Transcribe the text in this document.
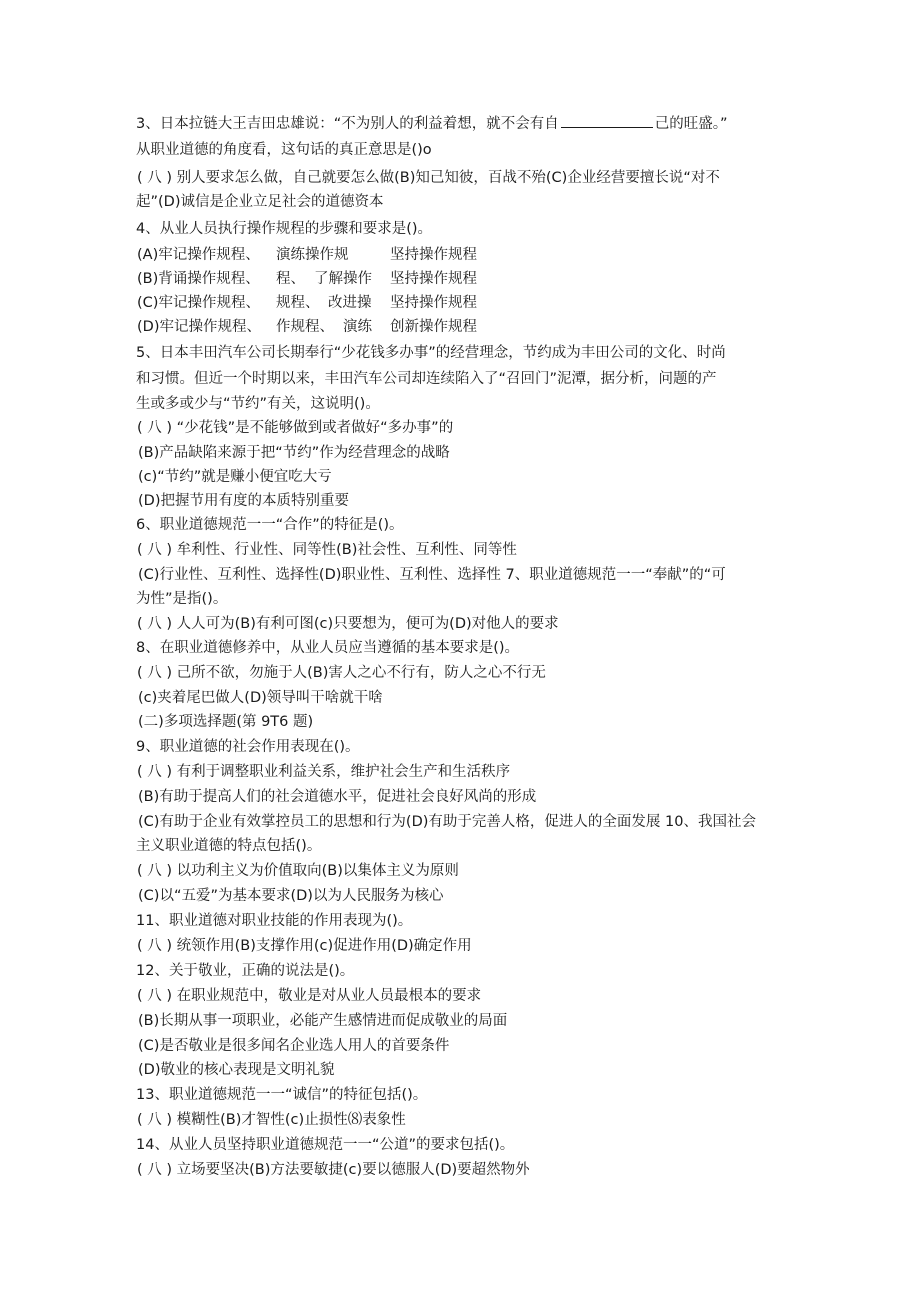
3、日本拉链大王吉田忠雄说：“不为别人的利益着想，就不会有自	己的旺盛。”
从职业道德的角度看，这句话的真正意思是()o
( 八 ) 别人要求怎么做，自己就要怎么做(B)知己知彼，百战不殆(C)企业经营要擅长说“对不
起”(D)诚信是企业立足社会的道德资本
4、从业人员执行操作规程的步骤和要求是()。
(A)牢记操作规程、 演练操作规	坚持操作规程
(B)背诵操作规程、 程、 了解操作 坚持操作规程
(C)牢记操作规程、 规程、 改进操 坚持操作规程
(D)牢记操作规程、 作规程、 演练 创新操作规程
5、日本丰田汽车公司长期奉行“少花钱多办事”的经营理念，节约成为丰田公司的文化、时尚
和习惯。但近一个时期以来，丰田汽车公司却连续陷入了“召回门”泥潭，据分析，问题的产
生或多或少与“节约”有关，这说明()。
( 八 ) “少花钱”是不能够做到或者做好“多办事”的
(B)产品缺陷来源于把“节约”作为经营理念的战略
(c)“节约”就是赚小便宜吃大亏
(D)把握节用有度的本质特别重要
6、职业道德规范一一“合作”的特征是()。
( 八 ) 牟利性、行业性、同等性(B)社会性、互利性、同等性
(C)行业性、互利性、选择性(D)职业性、互利性、选择性 7、职业道德规范一一“奉献”的“可
为性”是指()。
( 八 ) 人人可为(B)有利可图(c)只要想为，便可为(D)对他人的要求
8、在职业道德修养中，从业人员应当遵循的基本要求是()。
( 八 ) 己所不欲，勿施于人(B)害人之心不行有，防人之心不行无
(c)夹着尾巴做人(D)领导叫干啥就干啥
(二)多项选择题(第 9T6 题)
9、职业道德的社会作用表现在()。
( 八 ) 有利于调整职业利益关系，维护社会生产和生活秩序
(B)有助于提高人们的社会道德水平，促进社会良好风尚的形成
(C)有助于企业有效掌控员工的思想和行为(D)有助于完善人格，促进人的全面发展 10、我国社会
主义职业道德的特点包括()。
( 八 ) 以功利主义为价值取向(B)以集体主义为原则
(C)以“五爱”为基本要求(D)以为人民服务为核心
11、职业道德对职业技能的作用表现为()。
( 八 ) 统领作用(B)支撑作用(c)促进作用(D)确定作用
12、关于敬业，正确的说法是()。
( 八 ) 在职业规范中，敬业是对从业人员最根本的要求
(B)长期从事一项职业，必能产生感情进而促成敬业的局面
(C)是否敬业是很多闻名企业选人用人的首要条件
(D)敬业的核心表现是文明礼貌
13、职业道德规范一一“诚信”的特征包括()。
( 八 ) 模糊性(B)才智性(c)止损性⑻表象性
14、从业人员坚持职业道德规范一一“公道”的要求包括()。
( 八 ) 立场要坚决(B)方法要敏捷(c)要以德服人(D)要超然物外
